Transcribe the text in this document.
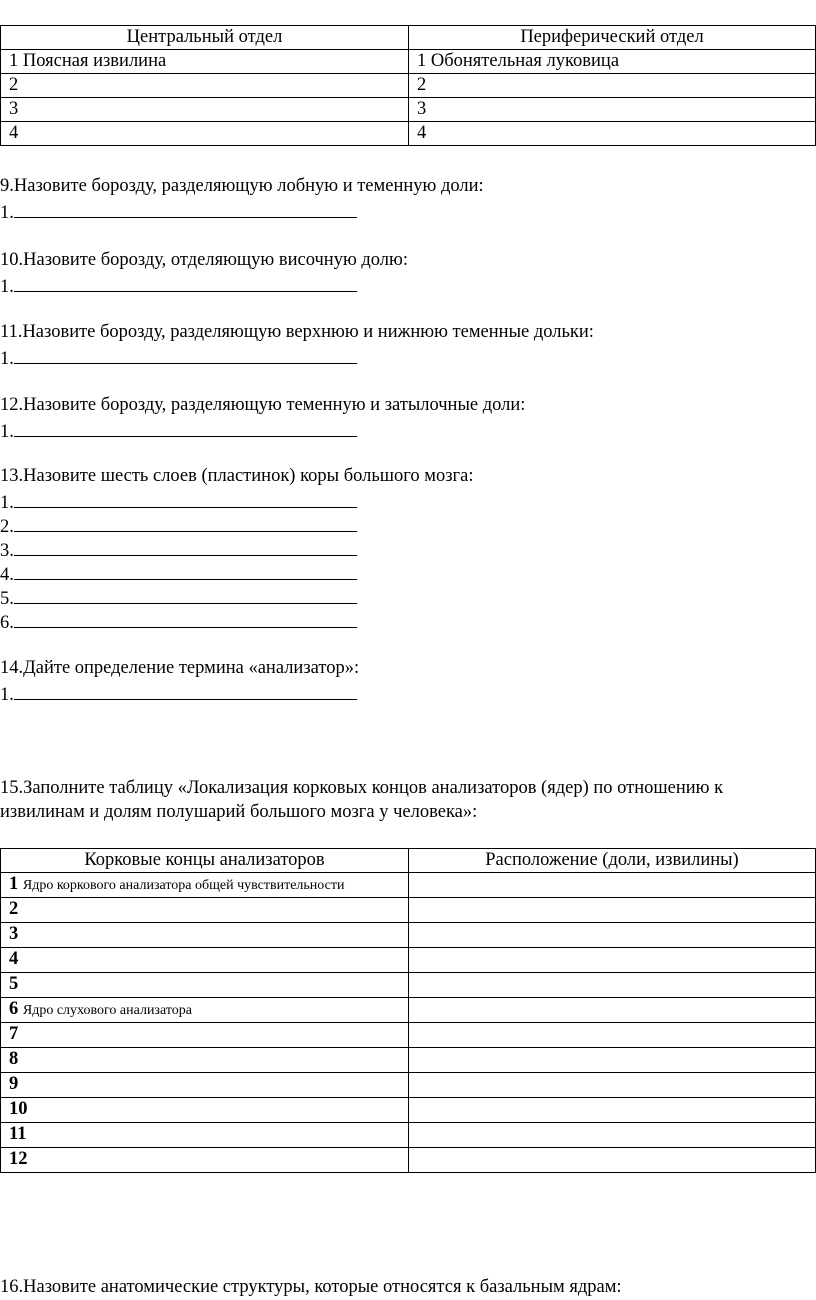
Центральный отдел	Периферический отдел
1 Поясная извилина	1 Обонятельная луковица
2	2
3	3
4	4
9.Назовите борозду, разделяющую лобную и теменную доли:
1.
10.Назовите борозду, отделяющую височную долю:
1.
11.Назовите борозду, разделяющую верхнюю и нижнюю теменные дольки:
1.
12.Назовите борозду, разделяющую теменную и затылочные доли:
1.
13.Назовите шесть слоев (пластинок) коры большого мозга:
1.
2.
3.
4.
5.
6.
14.Дайте определение термина «анализатор»:
1.
15.Заполните таблицу «Локализация корковых концов анализаторов (ядер) по отношению к извилинам и долям полушарий большого мозга у человека»:
Корковые концы анализаторов	Расположение (доли, извилины)
1 Ядро коркового анализатора общей чувствительности	
2	
3	
4	
5	
6 Ядро слухового анализатора	
7	
8	
9	
10	
11	
12	
16.Назовите анатомические структуры, которые относятся к базальным ядрам:
